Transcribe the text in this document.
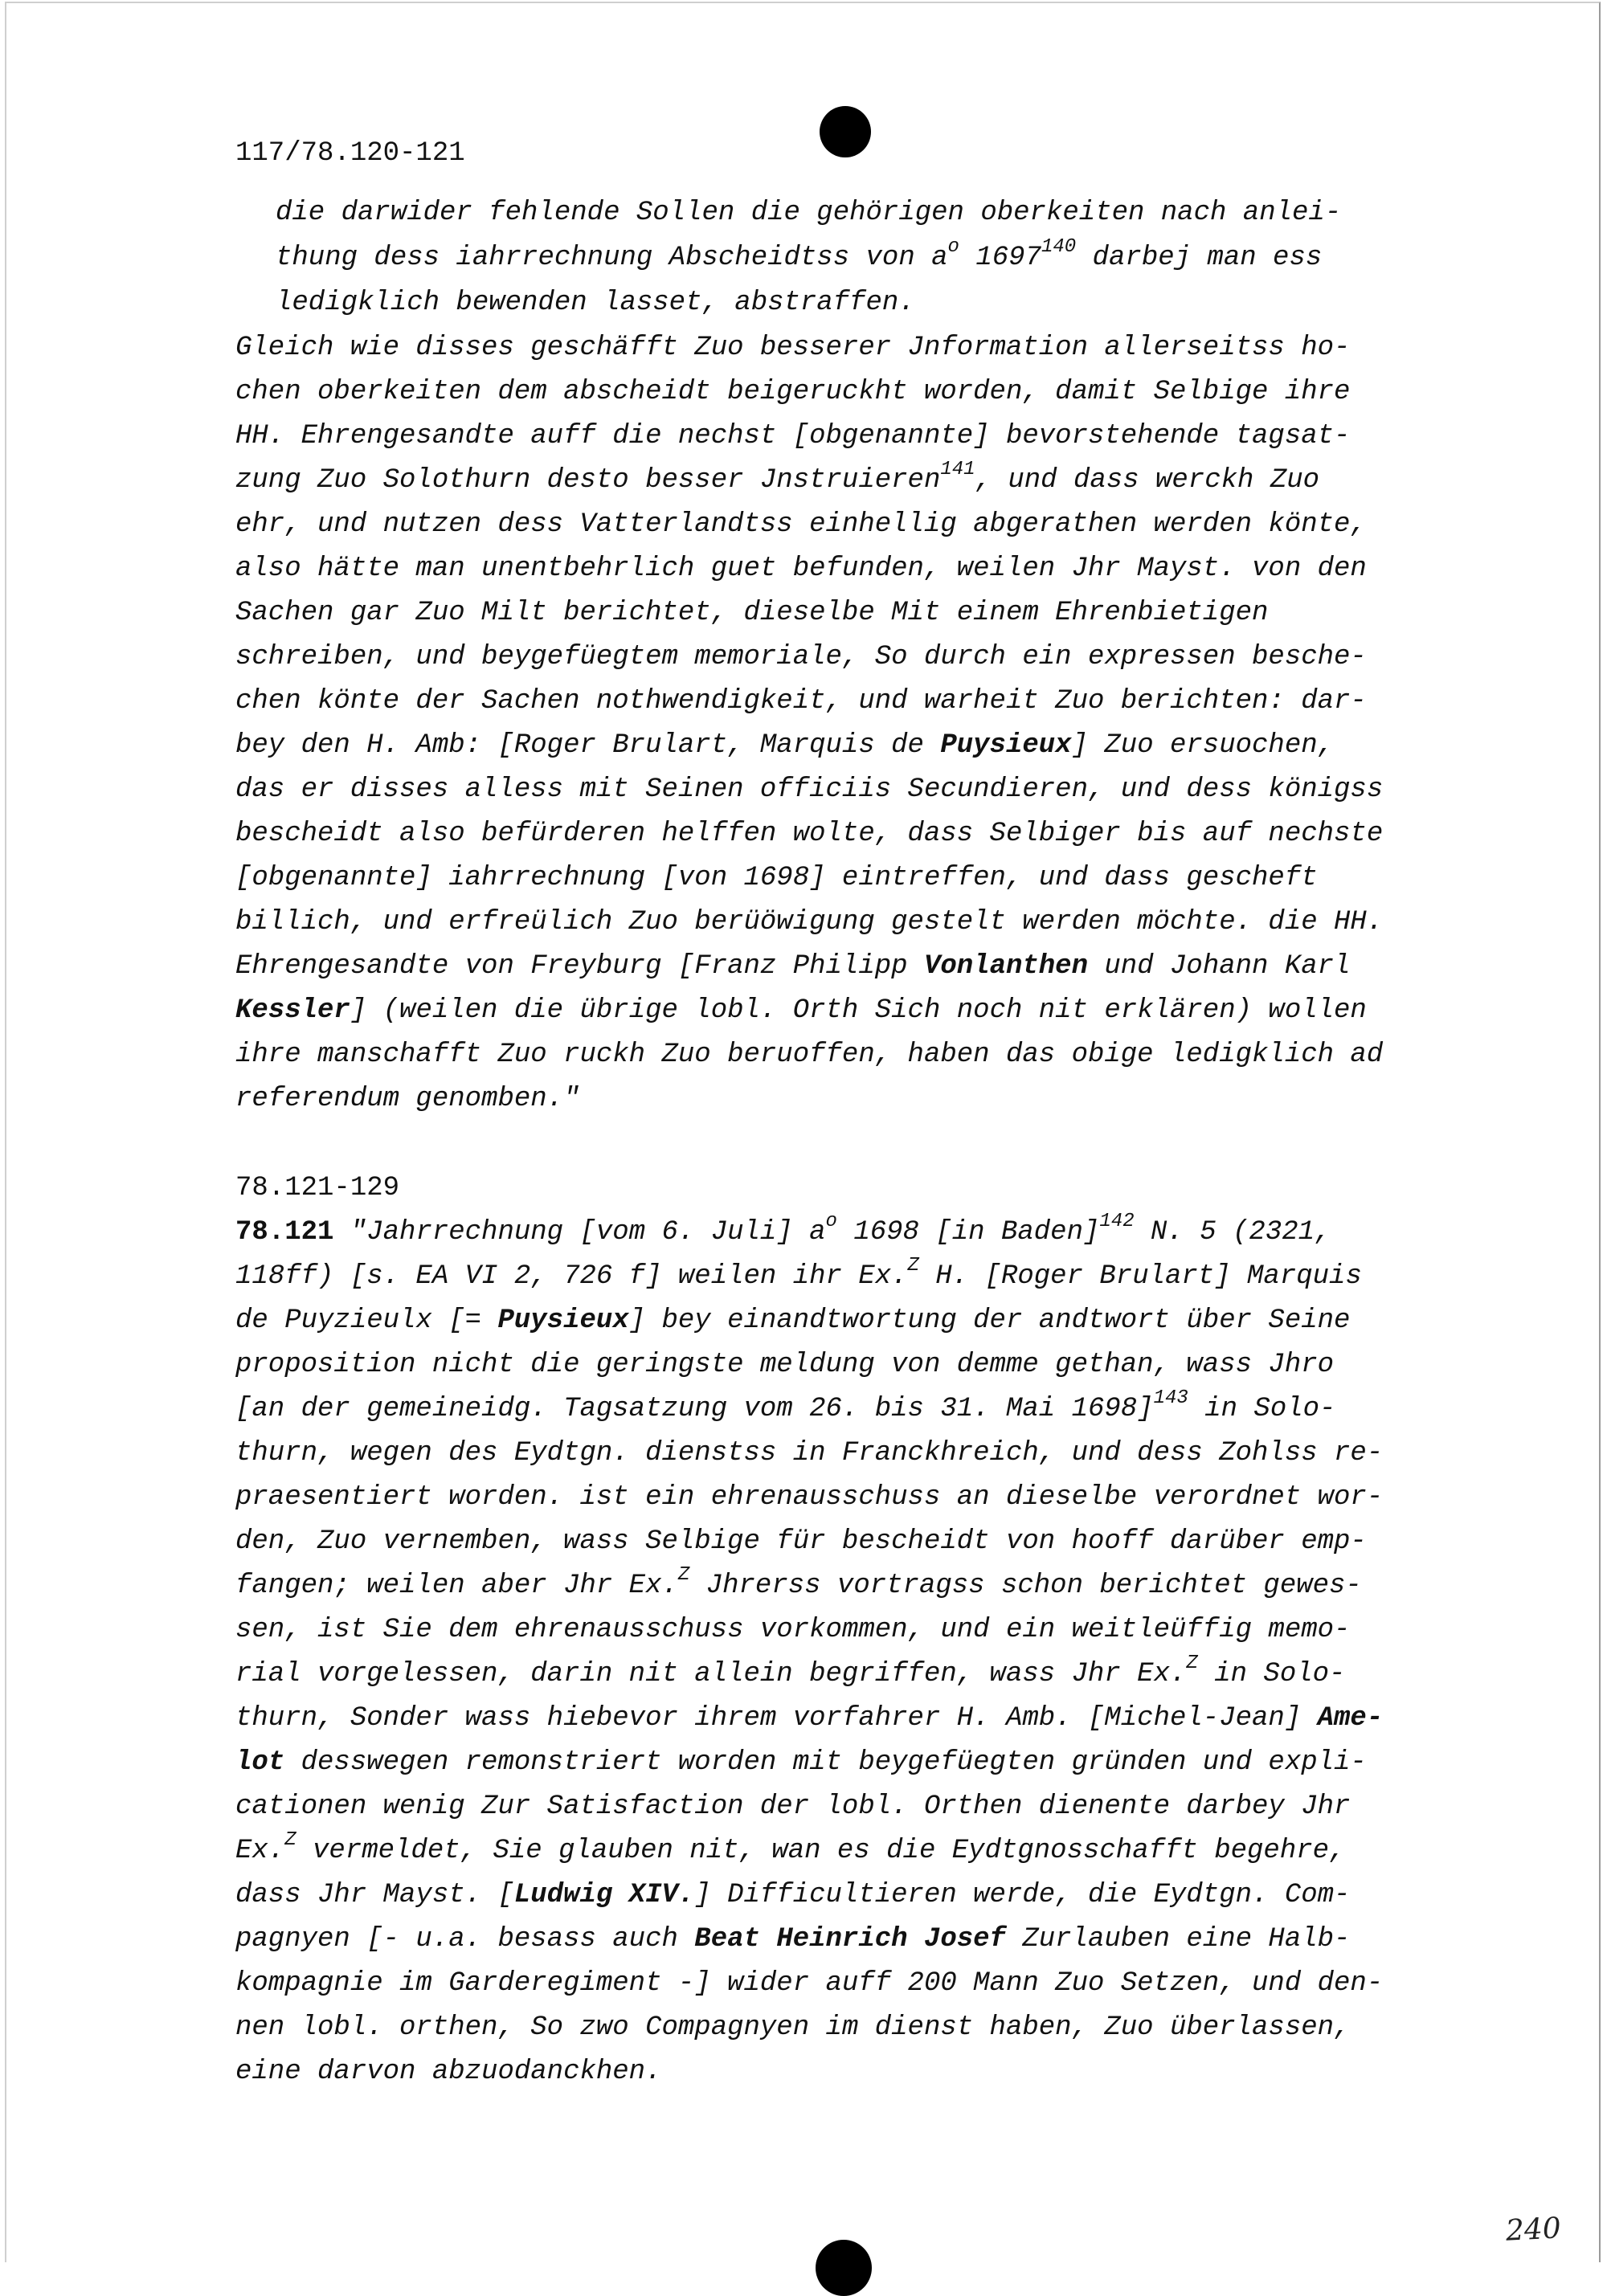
117/78.120-121
die darwider fehlende Sollen die gehörigen oberkeiten nach anlei-
thung dess iahrrechnung Abscheidtss von $a^o$ 1697$^{140}$ darbej man ess
ledigklich bewenden lasset, abstraffen.
Gleich wie disses geschäfft Zuo besserer Jnformation allerseitss ho-
chen oberkeiten dem abscheidt beigeruckht worden, damit Selbige ihre
HH. Ehrengesandte auff die nechst [obgenannte] bevorstehende tagsat-
zung Zuo Solothurn desto besser Jnstruieren$^{141}$, und dass werckh Zuo
ehr, und nutzen dess Vatterlandtss einhellig abgerathen werden könte,
also hätte man unentbehrlich guet befunden, weilen Jhr Mayst. von den
Sachen gar Zuo Milt berichtet, dieselbe Mit einem Ehrenbietigen
schreiben, und beygefüegtem memoriale, So durch ein expressen besche-
chen könte der Sachen nothwendigkeit, und warheit Zuo berichten: dar-
bey den H. Amb: [Roger Brulart, Marquis de Puysieux] Zuo ersuochen,
das er disses alless mit Seinen officiis Secundieren, und dess königss
bescheidt also befürderen helffen wolte, dass Selbiger bis auf nechste
[obgenannte] iahrrechnung [von 1698] eintreffen, und dass gescheft
billich, und erfreülich Zuo berüöwigung gestelt werden möchte. die HH.
Ehrengesandte von Freyburg [Franz Philipp Vonlanthen und Johann Karl
Kessler] (weilen die übrige lobl. Orth Sich noch nit erklären) wollen
ihre manschafft Zuo ruckh Zuo beruoffen, haben das obige ledigklich ad
referendum genomben."
78.121-129
78.121 "Jahrrechnung [vom 6. Juli] $a^o$ 1698 [in Baden]$^{142}$ N. 5 (2321,
118ff) [s. EA VI 2, 726 f] weilen ihr Ex.$^Z$ H. [Roger Brulart] Marquis
de Puyzieulx [= Puysieux] bey einandtwortung der andtwort über Seine
proposition nicht die geringste meldung von demme gethan, wass Jhro
[an der gemeineidg. Tagsatzung vom 26. bis 31. Mai 1698]$^{143}$ in Solo-
thurn, wegen des Eydtgn. dienstss in Franckhreich, und dess Zohlss re-
praesentiert worden. ist ein ehrenausschuss an dieselbe verordnet wor-
den, Zuo vernemben, wass Selbige für bescheidt von hooff darüber emp-
fangen; weilen aber Jhr Ex.$^Z$ Jhrerss vortragss schon berichtet gewes-
sen, ist Sie dem ehrenausschuss vorkommen, und ein weitleüffig memo-
rial vorgelessen, darin nit allein begriffen, wass Jhr Ex.$^Z$ in Solo-
thurn, Sonder wass hiebevor ihrem vorfahrer H. Amb. [Michel-Jean] Ame-
lot desswegen remonstriert worden mit beygefüegten gründen und expli-
cationen wenig Zur Satisfaction der lobl. Orthen dienente darbey Jhr
Ex.$^Z$ vermeldet, Sie glauben nit, wan es die Eydtgnosschafft begehre,
dass Jhr Mayst. [Ludwig XIV.] Difficultieren werde, die Eydtgn. Com-
pagnyen [- u.a. besass auch Beat Heinrich Josef Zurlauben eine Halb-
kompagnie im Garderegiment -] wider auff 200 Mann Zuo Setzen, und den-
nen lobl. orthen, So zwo Compagnyen im dienst haben, Zuo überlassen,
eine darvon abzuodanckhen.
240
